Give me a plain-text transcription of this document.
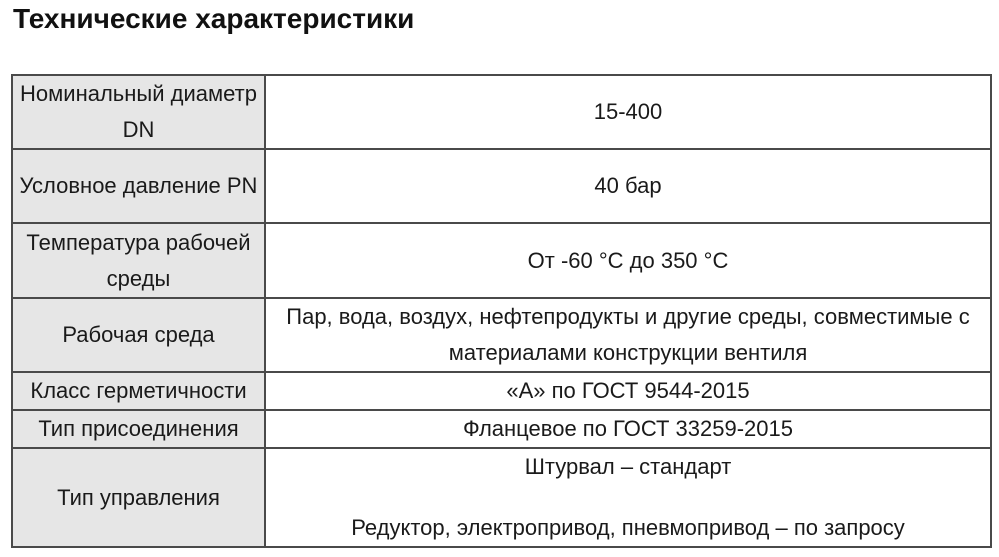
Технические характеристики
Номинальный диаметр DN	15-400
Условное давление PN	40 бар
Температура рабочей среды	От -60 °C до 350 °C
Рабочая среда	Пар, вода, воздух, нефтепродукты и другие среды, совместимые с материалами конструкции вентиля
Класс герметичности	«А» по ГОСТ 9544-2015
Тип присоединения	Фланцевое по ГОСТ 33259-2015
Тип управления	Штурвал – стандарт
Редуктор, электропривод, пневмопривод – по запросу
